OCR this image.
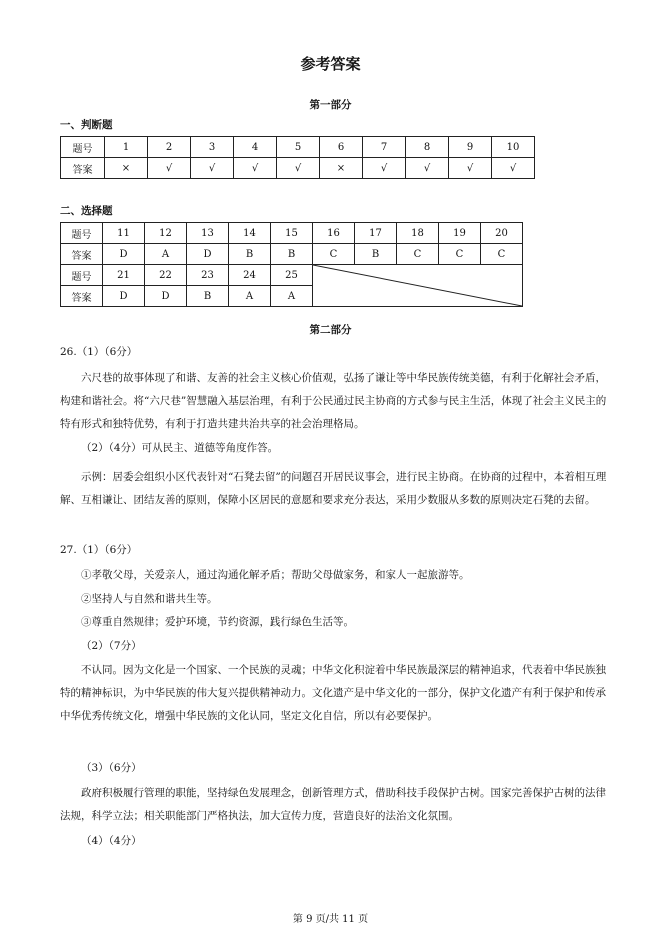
参考答案
第一部分
一、判断题
题号	1	2	3	4	5	6	7	8	9	10
答案	×	√	√	√	√	×	√	√	√	√
二、选择题
题号	11	12	13	14	15	16	17	18	19	20
答案	D	A	D	B	B	C	B	C	C	C
题号	21	22	23	24	25	

答案	D	D	B	A	A					
第二部分
26.（1）（6分）
六尺巷的故事体现了和谐、友善的社会主义核心价值观，弘扬了谦让等中华民族传统美德，有利于化解社会矛盾，构建和谐社会。将“六尺巷”智慧融入基层治理，有利于公民通过民主协商的方式参与民主生活，体现了社会主义民主的特有形式和独特优势，有利于打造共建共治共享的社会治理格局。
（2）（4分）可从民主、道德等角度作答。
示例：居委会组织小区代表针对“石凳去留”的问题召开居民议事会，进行民主协商。在协商的过程中，本着相互理解、互相谦让、团结友善的原则，保障小区居民的意愿和要求充分表达，采用少数服从多数的原则决定石凳的去留。
27.（1）（6分）
①孝敬父母，关爱亲人，通过沟通化解矛盾；帮助父母做家务，和家人一起旅游等。
②坚持人与自然和谐共生等。
③尊重自然规律；爱护环境，节约资源，践行绿色生活等。
（2）（7分）
不认同。因为文化是一个国家、一个民族的灵魂；中华文化积淀着中华民族最深层的精神追求，代表着中华民族独特的精神标识，为中华民族的伟大复兴提供精神动力。文化遗产是中华文化的一部分，保护文化遗产有利于保护和传承中华优秀传统文化，增强中华民族的文化认同，坚定文化自信，所以有必要保护。
（3）（6分）
政府积极履行管理的职能，坚持绿色发展理念，创新管理方式，借助科技手段保护古树。国家完善保护古树的法律法规，科学立法；相关职能部门严格执法，加大宣传力度，营造良好的法治文化氛围。
（4）（4分）
第 9 页/共 11 页
